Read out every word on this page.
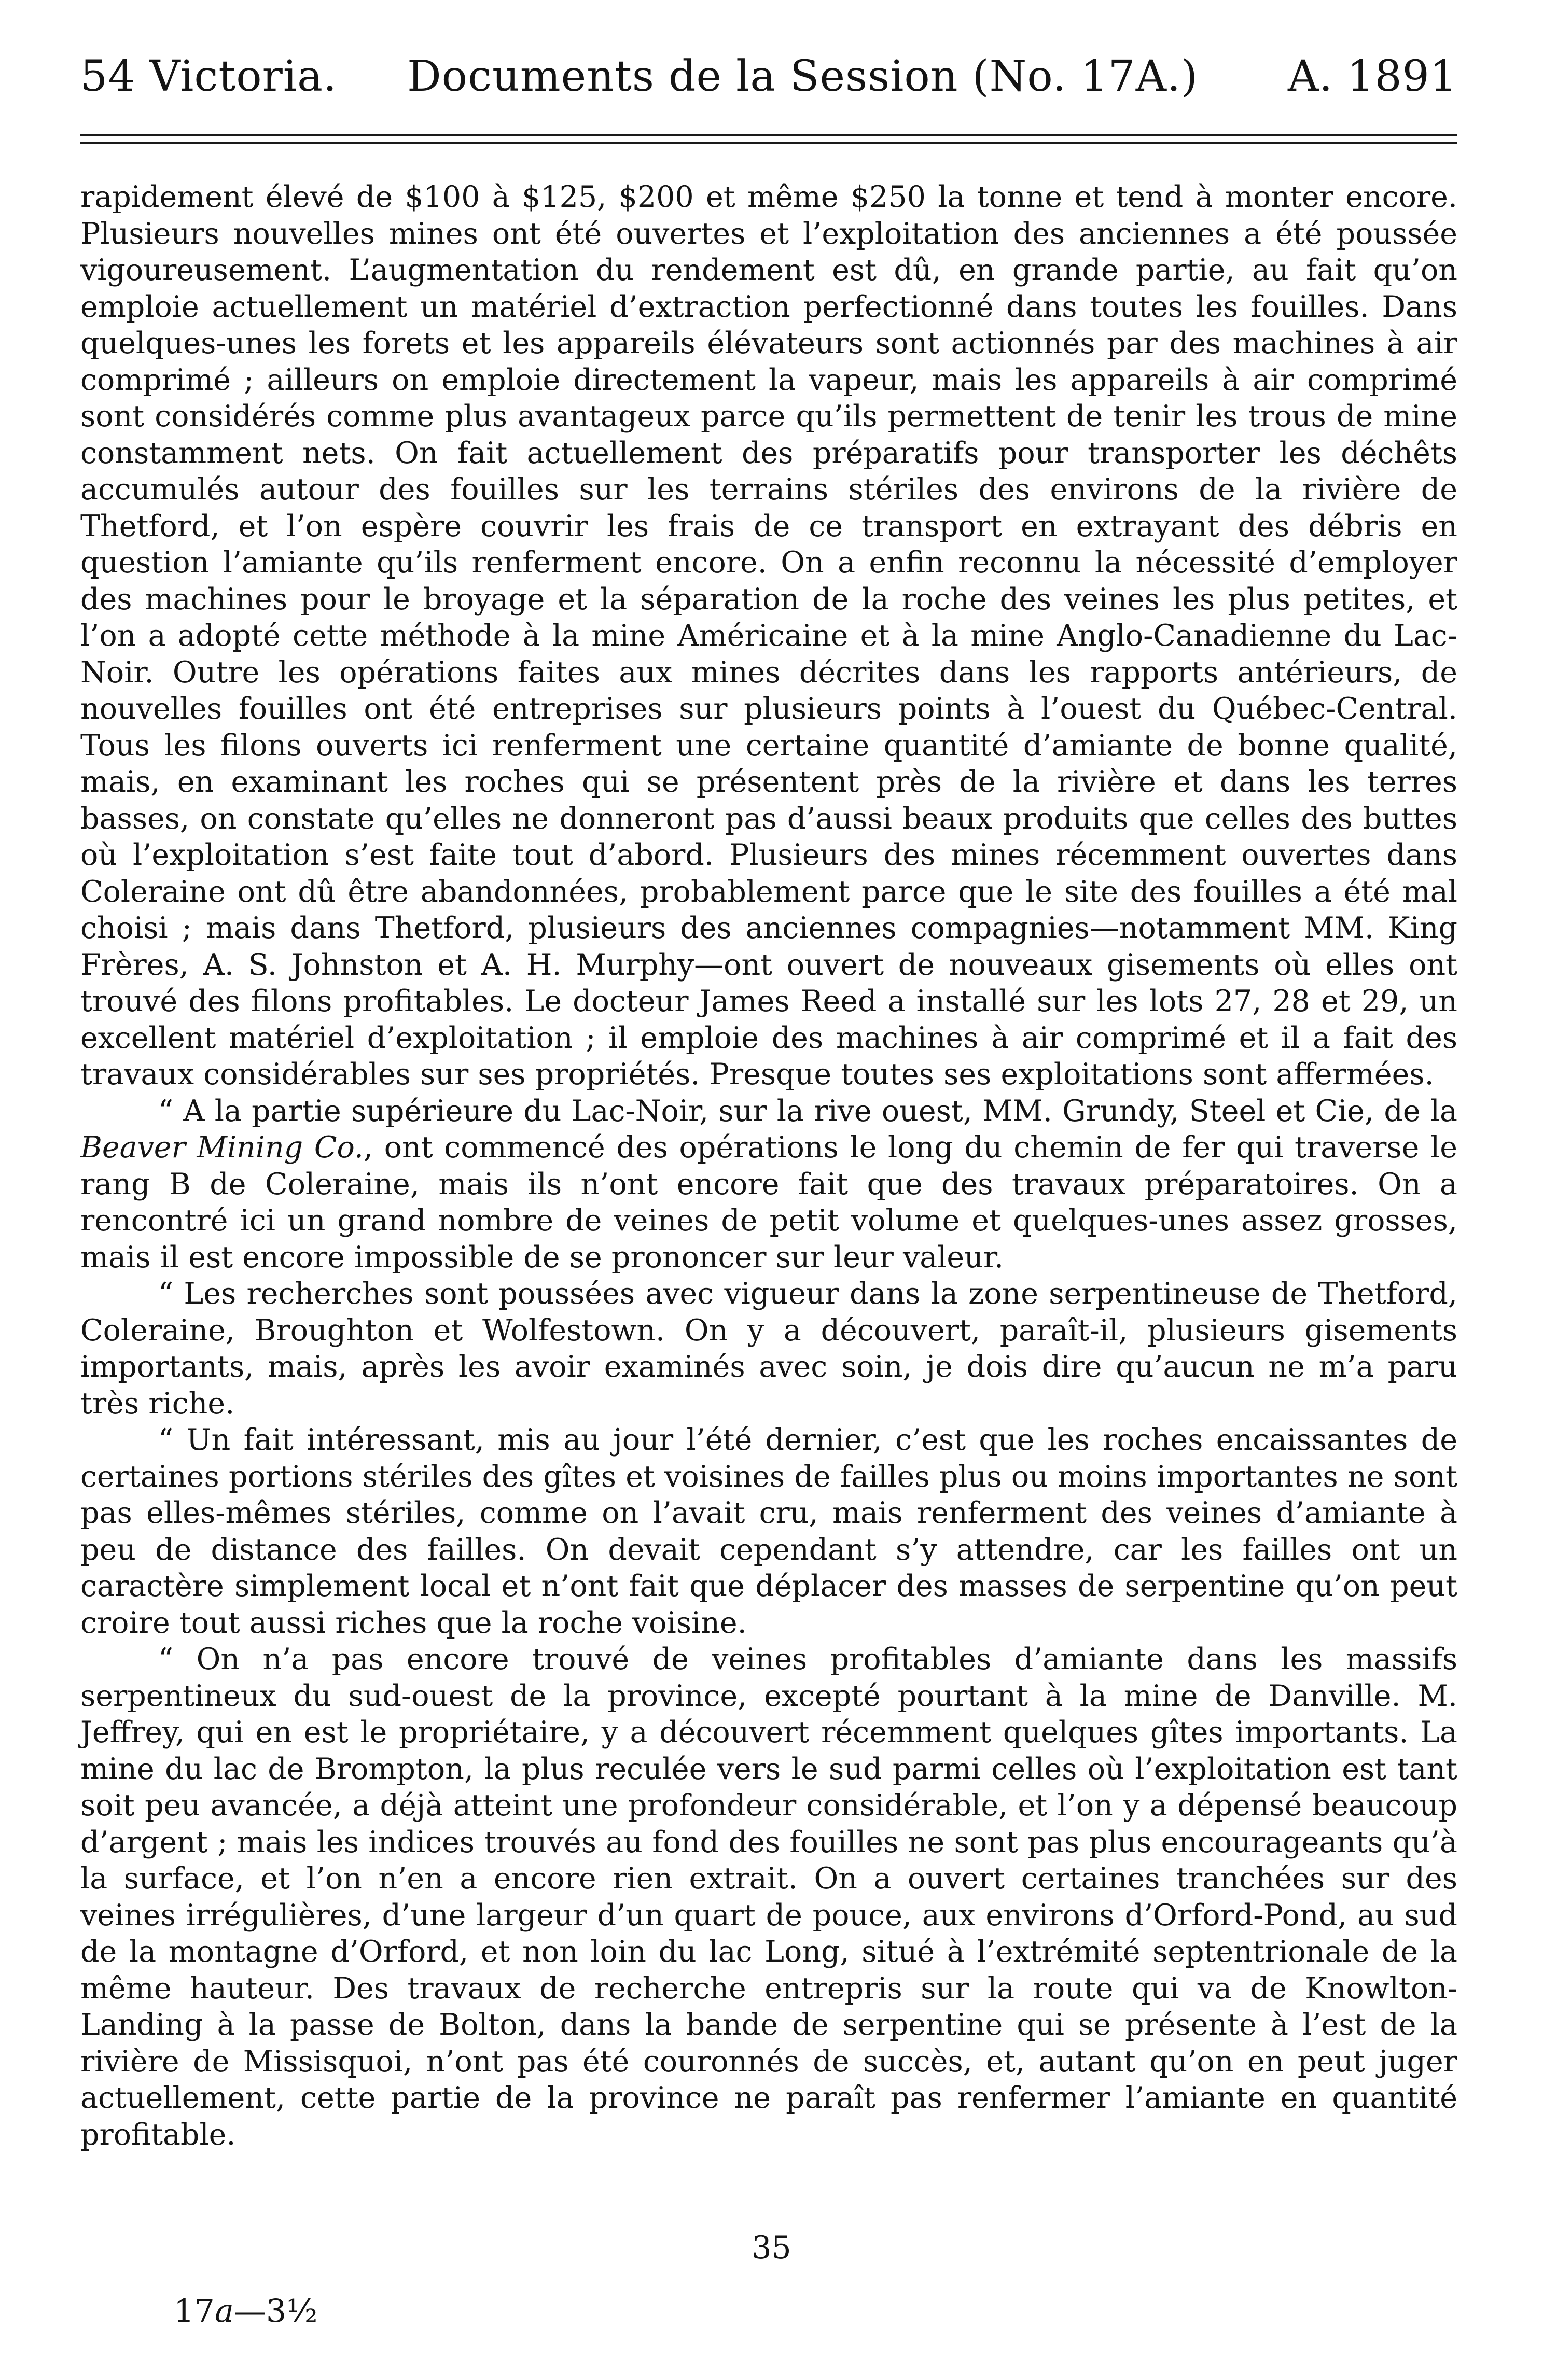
54 Victoria. Documents de la Session (No. 17A.) A. 1891

rapidement élevé de $100 à $125, $200 et même $250 la tonne et tend à monter encore. Plusieurs nouvelles mines ont été ouvertes et l’exploitation des anciennes a été poussée vigoureusement. L’augmentation du rendement est dû, en grande partie, au fait qu’on emploie actuellement un matériel d’extraction perfectionné dans toutes les fouilles. Dans quelques-unes les forets et les appareils élévateurs sont actionnés par des machines à air comprimé ; ailleurs on emploie directement la vapeur, mais les appareils à air comprimé sont considérés comme plus avantageux parce qu’ils permettent de tenir les trous de mine constamment nets. On fait actuellement des préparatifs pour transporter les déchêts accumulés autour des fouilles sur les terrains stériles des environs de la rivière de Thetford, et l’on espère couvrir les frais de ce transport en extrayant des débris en question l’amiante qu’ils renferment encore. On a enfin reconnu la nécessité d’employer des machines pour le broyage et la séparation de la roche des veines les plus petites, et l’on a adopté cette méthode à la mine Américaine et à la mine Anglo-Canadienne du Lac-Noir. Outre les opérations faites aux mines décrites dans les rapports antérieurs, de nouvelles fouilles ont été entreprises sur plusieurs points à l’ouest du Québec-Central. Tous les filons ouverts ici renferment une certaine quantité d’amiante de bonne qualité, mais, en examinant les roches qui se présentent près de la rivière et dans les terres basses, on constate qu’elles ne donneront pas d’aussi beaux produits que celles des buttes où l’exploitation s’est faite tout d’abord. Plusieurs des mines récemment ouvertes dans Coleraine ont dû être abandonnées, probablement parce que le site des fouilles a été mal choisi ; mais dans Thetford, plusieurs des anciennes compagnies—notamment MM. King Frères, A. S. Johnston et A. H. Murphy—ont ouvert de nouveaux gisements où elles ont trouvé des filons profitables. Le docteur James Reed a installé sur les lots 27, 28 et 29, un excellent matériel d’exploitation ; il emploie des machines à air comprimé et il a fait des travaux considérables sur ses propriétés. Presque toutes ses exploitations sont affermées.

“ A la partie supérieure du Lac-Noir, sur la rive ouest, MM. Grundy, Steel et Cie, de la Beaver Mining Co., ont commencé des opérations le long du chemin de fer qui traverse le rang B de Coleraine, mais ils n’ont encore fait que des travaux préparatoires. On a rencontré ici un grand nombre de veines de petit volume et quelques-unes assez grosses, mais il est encore impossible de se prononcer sur leur valeur.

“ Les recherches sont poussées avec vigueur dans la zone serpentineuse de Thetford, Coleraine, Broughton et Wolfestown. On y a découvert, paraît-il, plusieurs gisements importants, mais, après les avoir examinés avec soin, je dois dire qu’aucun ne m’a paru très riche.

“ Un fait intéressant, mis au jour l’été dernier, c’est que les roches encaissantes de certaines portions stériles des gîtes et voisines de failles plus ou moins importantes ne sont pas elles-mêmes stériles, comme on l’avait cru, mais renferment des veines d’amiante à peu de distance des failles. On devait cependant s’y attendre, car les failles ont un caractère simplement local et n’ont fait que déplacer des masses de serpentine qu’on peut croire tout aussi riches que la roche voisine.

“ On n’a pas encore trouvé de veines profitables d’amiante dans les massifs serpentineux du sud-ouest de la province, excepté pourtant à la mine de Danville. M. Jeffrey, qui en est le propriétaire, y a découvert récemment quelques gîtes importants. La mine du lac de Brompton, la plus reculée vers le sud parmi celles où l’exploitation est tant soit peu avancée, a déjà atteint une profondeur considérable, et l’on y a dépensé beaucoup d’argent ; mais les indices trouvés au fond des fouilles ne sont pas plus encourageants qu’à la surface, et l’on n’en a encore rien extrait. On a ouvert certaines tranchées sur des veines irrégulières, d’une largeur d’un quart de pouce, aux environs d’Orford-Pond, au sud de la montagne d’Orford, et non loin du lac Long, situé à l’extrémité septentrionale de la même hauteur. Des travaux de recherche entrepris sur la route qui va de Knowlton-Landing à la passe de Bolton, dans la bande de serpentine qui se présente à l’est de la rivière de Missisquoi, n’ont pas été couronnés de succès, et, autant qu’on en peut juger actuellement, cette partie de la province ne paraît pas renfermer l’amiante en quantité profitable.

35
17a—3½
